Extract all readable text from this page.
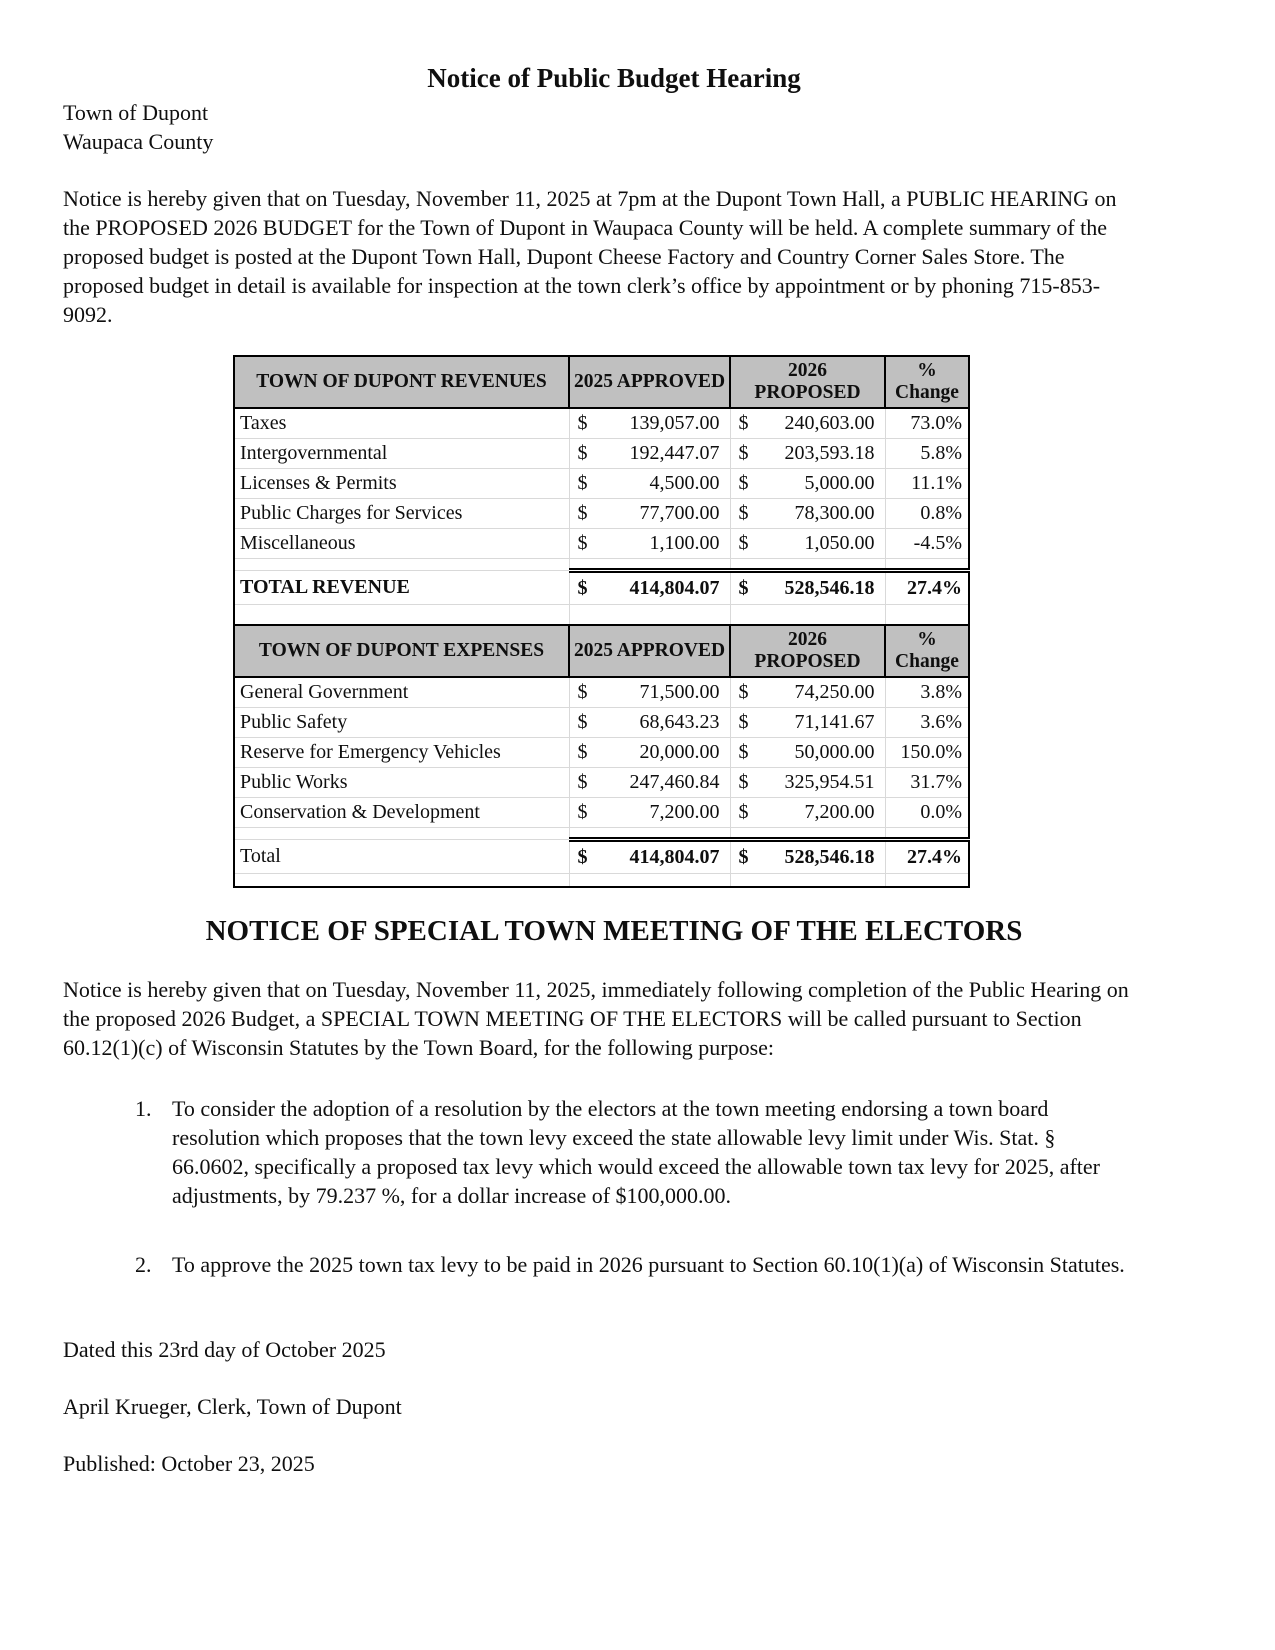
Notice of Public Budget Hearing
Town of Dupont
Waupaca County
Notice is hereby given that on Tuesday, November 11, 2025 at 7pm at the Dupont Town Hall, a PUBLIC HEARING on the PROPOSED 2026 BUDGET for the Town of Dupont in Waupaca County will be held. A complete summary of the proposed budget is posted at the Dupont Town Hall, Dupont Cheese Factory and Country Corner Sales Store. The proposed budget in detail is available for inspection at the town clerk’s office by appointment or by phoning 715-853-9092.
TOWN OF DUPONT REVENUES	2025 APPROVED	2026 PROPOSED	%
Change

Taxes	$ 139,057.00	$ 240,603.00	73.0%
Intergovernmental	$ 192,447.07	$ 203,593.18	5.8%
Licenses & Permits	$ 4,500.00	$ 5,000.00	11.1%
Public Charges for Services	$ 77,700.00	$ 78,300.00	0.8%
Miscellaneous	$ 1,100.00	$ 1,050.00	-4.5%

TOTAL REVENUE	$ 414,804.07	$ 528,546.18	27.4%

TOWN OF DUPONT EXPENSES	2025 APPROVED	2026 PROPOSED	%
Change

General Government	$ 71,500.00	$ 74,250.00	3.8%
Public Safety	$ 68,643.23	$ 71,141.67	3.6%
Reserve for Emergency Vehicles	$ 20,000.00	$ 50,000.00	150.0%
Public Works	$ 247,460.84	$ 325,954.51	31.7%
Conservation & Development	$ 7,200.00	$ 7,200.00	0.0%

Total	$ 414,804.07	$ 528,546.18	27.4%

NOTICE OF SPECIAL TOWN MEETING OF THE ELECTORS
Notice is hereby given that on Tuesday, November 11, 2025, immediately following completion of the Public Hearing on the proposed 2026 Budget, a SPECIAL TOWN MEETING OF THE ELECTORS will be called pursuant to Section 60.12(1)(c) of Wisconsin Statutes by the Town Board, for the following purpose:
1. To consider the adoption of a resolution by the electors at the town meeting endorsing a town board resolution which proposes that the town levy exceed the state allowable levy limit under Wis. Stat. § 66.0602, specifically a proposed tax levy which would exceed the allowable town tax levy for 2025, after adjustments, by 79.237 %, for a dollar increase of $100,000.00.
2. To approve the 2025 town tax levy to be paid in 2026 pursuant to Section 60.10(1)(a) of Wisconsin Statutes.
Dated this 23rd day of October 2025
April Krueger, Clerk, Town of Dupont
Published: October 23, 2025
